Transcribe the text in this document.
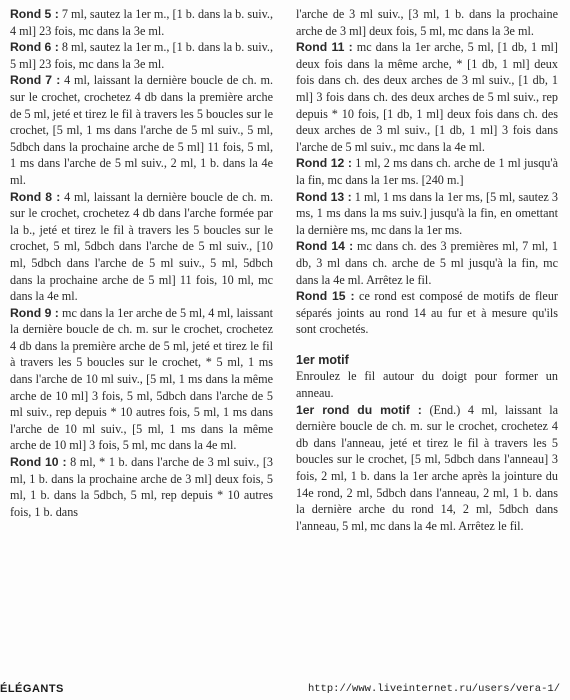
Rond 5 : 7 ml, sautez la 1er m., [1 b. dans la b. suiv., 4 ml] 23 fois, mc dans la 3e ml.

Rond 6 : 8 ml, sautez la 1er m., [1 b. dans la b. suiv., 5 ml] 23 fois, mc dans la 3e ml.

Rond 7 : 4 ml, laissant la dernière boucle de ch. m. sur le crochet, crochetez 4 db dans la première arche de 5 ml, jeté et tirez le fil à travers les 5 boucles sur le crochet, [5 ml, 1 ms dans l'arche de 5 ml suiv., 5 ml, 5dbch dans la prochaine arche de 5 ml] 11 fois, 5 ml, 1 ms dans l'arche de 5 ml suiv., 2 ml, 1 b. dans la 4e ml.

Rond 8 : 4 ml, laissant la dernière boucle de ch. m. sur le crochet, crochetez 4 db dans l'arche formée par la b., jeté et tirez le fil à travers les 5 boucles sur le crochet, 5 ml, 5dbch dans l'arche de 5 ml suiv., [10 ml, 5dbch dans l'arche de 5 ml suiv., 5 ml, 5dbch dans la prochaine arche de 5 ml] 11 fois, 10 ml, mc dans la 4e ml.

Rond 9 : mc dans la 1er arche de 5 ml, 4 ml, laissant la dernière boucle de ch. m. sur le crochet, crochetez 4 db dans la première arche de 5 ml, jeté et tirez le fil à travers les 5 boucles sur le crochet, * 5 ml, 1 ms dans l'arche de 10 ml suiv., [5 ml, 1 ms dans la même arche de 10 ml] 3 fois, 5 ml, 5dbch dans l'arche de 5 ml suiv., rep depuis * 10 autres fois, 5 ml, 1 ms dans l'arche de 10 ml suiv., [5 ml, 1 ms dans la même arche de 10 ml] 3 fois, 5 ml, mc dans la 4e ml.

Rond 10 : 8 ml, * 1 b. dans l'arche de 3 ml suiv., [3 ml, 1 b. dans la prochaine arche de 3 ml] deux fois, 5 ml, 1 b. dans la 5dbch, 5 ml, rep depuis * 10 autres fois, 1 b. dans

l'arche de 3 ml suiv., [3 ml, 1 b. dans la prochaine arche de 3 ml] deux fois, 5 ml, mc dans la 3e ml.

Rond 11 : mc dans la 1er arche, 5 ml, [1 db, 1 ml] deux fois dans la même arche, * [1 db, 1 ml] deux fois dans ch. des deux arches de 3 ml suiv., [1 db, 1 ml] 3 fois dans ch. des deux arches de 5 ml suiv., rep depuis * 10 fois, [1 db, 1 ml] deux fois dans ch. des deux arches de 3 ml suiv., [1 db, 1 ml] 3 fois dans l'arche de 5 ml suiv., mc dans la 4e ml.

Rond 12 : 1 ml, 2 ms dans ch. arche de 1 ml jusqu'à la fin, mc dans la 1er ms. [240 m.]

Rond 13 : 1 ml, 1 ms dans la 1er ms, [5 ml, sautez 3 ms, 1 ms dans la ms suiv.] jusqu'à la fin, en omettant la dernière ms, mc dans la 1er ms.

Rond 14 : mc dans ch. des 3 premières ml, 7 ml, 1 db, 3 ml dans ch. arche de 5 ml jusqu'à la fin, mc dans la 4e ml. Arrêtez le fil.

Rond 15 : ce rond est composé de motifs de fleur séparés joints au rond 14 au fur et à mesure qu'ils sont crochetés.

1er motif

Enroulez le fil autour du doigt pour former un anneau.

1er rond du motif : (End.) 4 ml, laissant la dernière boucle de ch. m. sur le crochet, crochetez 4 db dans l'anneau, jeté et tirez le fil à travers les 5 boucles sur le crochet, [5 ml, 5dbch dans l'anneau] 3 fois, 2 ml, 1 b. dans la 1er arche après la jointure du 14e rond, 2 ml, 5dbch dans l'anneau, 2 ml, 1 b. dans la dernière arche du rond 14, 2 ml, 5dbch dans l'anneau, 5 ml, mc dans la 4e ml. Arrêtez le fil.

ÉLÉGANTS	http://www.liveinternet.ru/users/vera-1/
